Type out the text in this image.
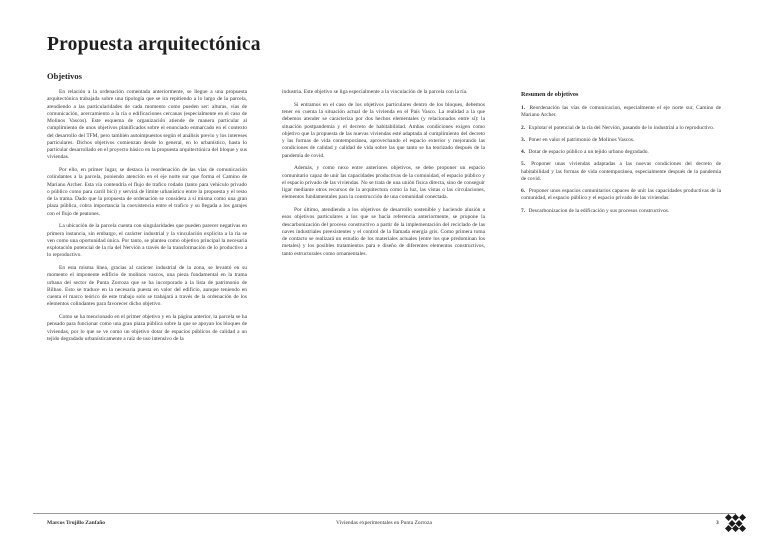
Propuesta arquitectónica
Objetivos

En relación a la ordenación comentada anteriormente, se llegue a una propuesta arquitectónica trabajada sobre una tipología que se ira repitiendo a lo largo de la parcela, atendiendo a las particularidades de cada momento como pueden ser: alturas, vías de comunicación, acercamiento a la ría o edificaciones cercanas (especialmente en el caso de Molinos Vascos). Este esquema de organización atiende de manera particular al cumplimiento de unos objetivos planificados sobre el enunciado enmarcado en el contexto del desarrollo del TFM, pero también autoimpuestos según el análisis previo y los intereses particulares. Dichos objetivos comienzan desde lo general, en lo urbanístico, hasta lo particular desarrollado en el proyecto básico en la propuesta arquitectónica del bloque y sus viviendas.

Por ello, en primer lugar, se destaca la reordenación de las vías de comunicación colindantes a la parcela, poniendo atención en el eje norte sur que forma el Camino de Mariano Archer. Esta vía contendría el flujo de trafico rodado (tanto para vehículo privado o público como para carril bici) y servirá de límite urbanístico entre la propuesta y el resto de la trama. Dado que la propuesta de ordenación se considera a sí misma como una gran plaza pública, cobra importancia la coexistencia entre el trafico y su llegada a los garajes con el flujo de peatones.

La ubicación de la parcela cuenta con singularidades que pueden parecer negativas en primera instancia, sin embargo, el carácter industrial y la vinculación explicita a la ría se ven como una oportunidad única. Por tanto, se plantea como objetivo principal la necesaria explotación potencial de la ría del Nervión a través de la transformación de lo productivo a lo reproductivo.

En esta misma línea, gracias al carácter industrial de la zona, se levantó en su momento el imponente edificio de molinos vascos, una pieza fundamental en la trama urbana del sector de Punta Zorroza que se ha incorporado a la lista de patrimonio de Bilbao. Esto se traduce en la necesaria puesta en valor del edificio, aunque teniendo en cuenta el marco teórico de este trabajo solo se trabajará a través de la ordenación de los elementos colindantes para favorecer dicho objetivo.

Como se ha mencionado en el primer objetivo y en la página anterior, la parcela se ha pensado para funcionar como una gran plaza pública sobre la que se apoyan los bloques de viviendas, por lo que se ve como un objetivo dotar de espacios públicos de calidad a un tejido degradado urbanísticamente a raíz de uso intensivo de la

industria. Este objetivo se liga especialmente a la vinculación de la parcela con la ría.

Si entramos en el caso de los objetivos particulares dentro de los bloques, debemos tener en cuenta la situación actual de la vivienda en el País Vasco. La realidad a la que debemos atender se caracteriza por dos hechos elementales (y relacionados entre sí): la situación postpandemia y el decreto de habitabilidad. Ambas condiciones exigen como objetivo que la propuesta de las nuevas viviendas esté adaptada al cumplimiento del decreto y las formas de vida contemporánea, aprovechando el espacio exterior y mejorando las condiciones de calidad y calidad de vida sobre las que tanto se ha teorizado después de la pandemia de covid.

Además, y como nexo entre anteriores objetivos, se debe proponer un espacio comunitario capaz de unir las capacidades productivas de la comunidad, el espacio público y el espacio privado de las viviendas. No se trata de una unión física directa, sino de conseguir ligar mediante otros recursos de la arquitectura como la luz, las vistas o las circulaciones, elementos fundamentales para la construcción de una comunidad conectada.

Por último, atendiendo a los objetivos de desarrollo sostenible y haciendo alusión a esos objetivos particulares a los que se hacía referencia anteriormente, se propone la descarbonización del proceso constructivo a partir de la implementación del reciclado de las naves industriales preexistentes y el control de la llamada energía gris. Como primera toma de contacto se realizará un estudio de los materiales actuales (entre los que predominan los metales) y los posibles tratamientos para e diseño de diferentes elementos constructivos, tanto estructurales como ornamentales.

Resumen de objetivos
1. Reordenación las vías de comunicacion, especialmente el eje norte sur, Camino de Mariano Archer.
2. Explotar el potencial de la ría del Nervión, pasando de lo industrial a lo reproductivo.
3. Poner en valor el patrimonio de Molinos Vascos.
4. Dotar de espacio público a un tejido urbano degradado.
5. Proponer unas viviendas adaptadas a las nuevas condiciones del decreto de habitabilidad y las formas de vida contemporánea, especialmente después de la pandemia de covid.
6. Proponer unos espacios comunitarios capaces de unir las capacidades productivas de la comunidad, el espacio público y el espacio privado de las viviendas.
7. Descarbonizacion de la edificación y sus procesos constructivos.
Marcos Trujillo Zanfaño	Viviendas experimentales en Punta Zorroza	3
